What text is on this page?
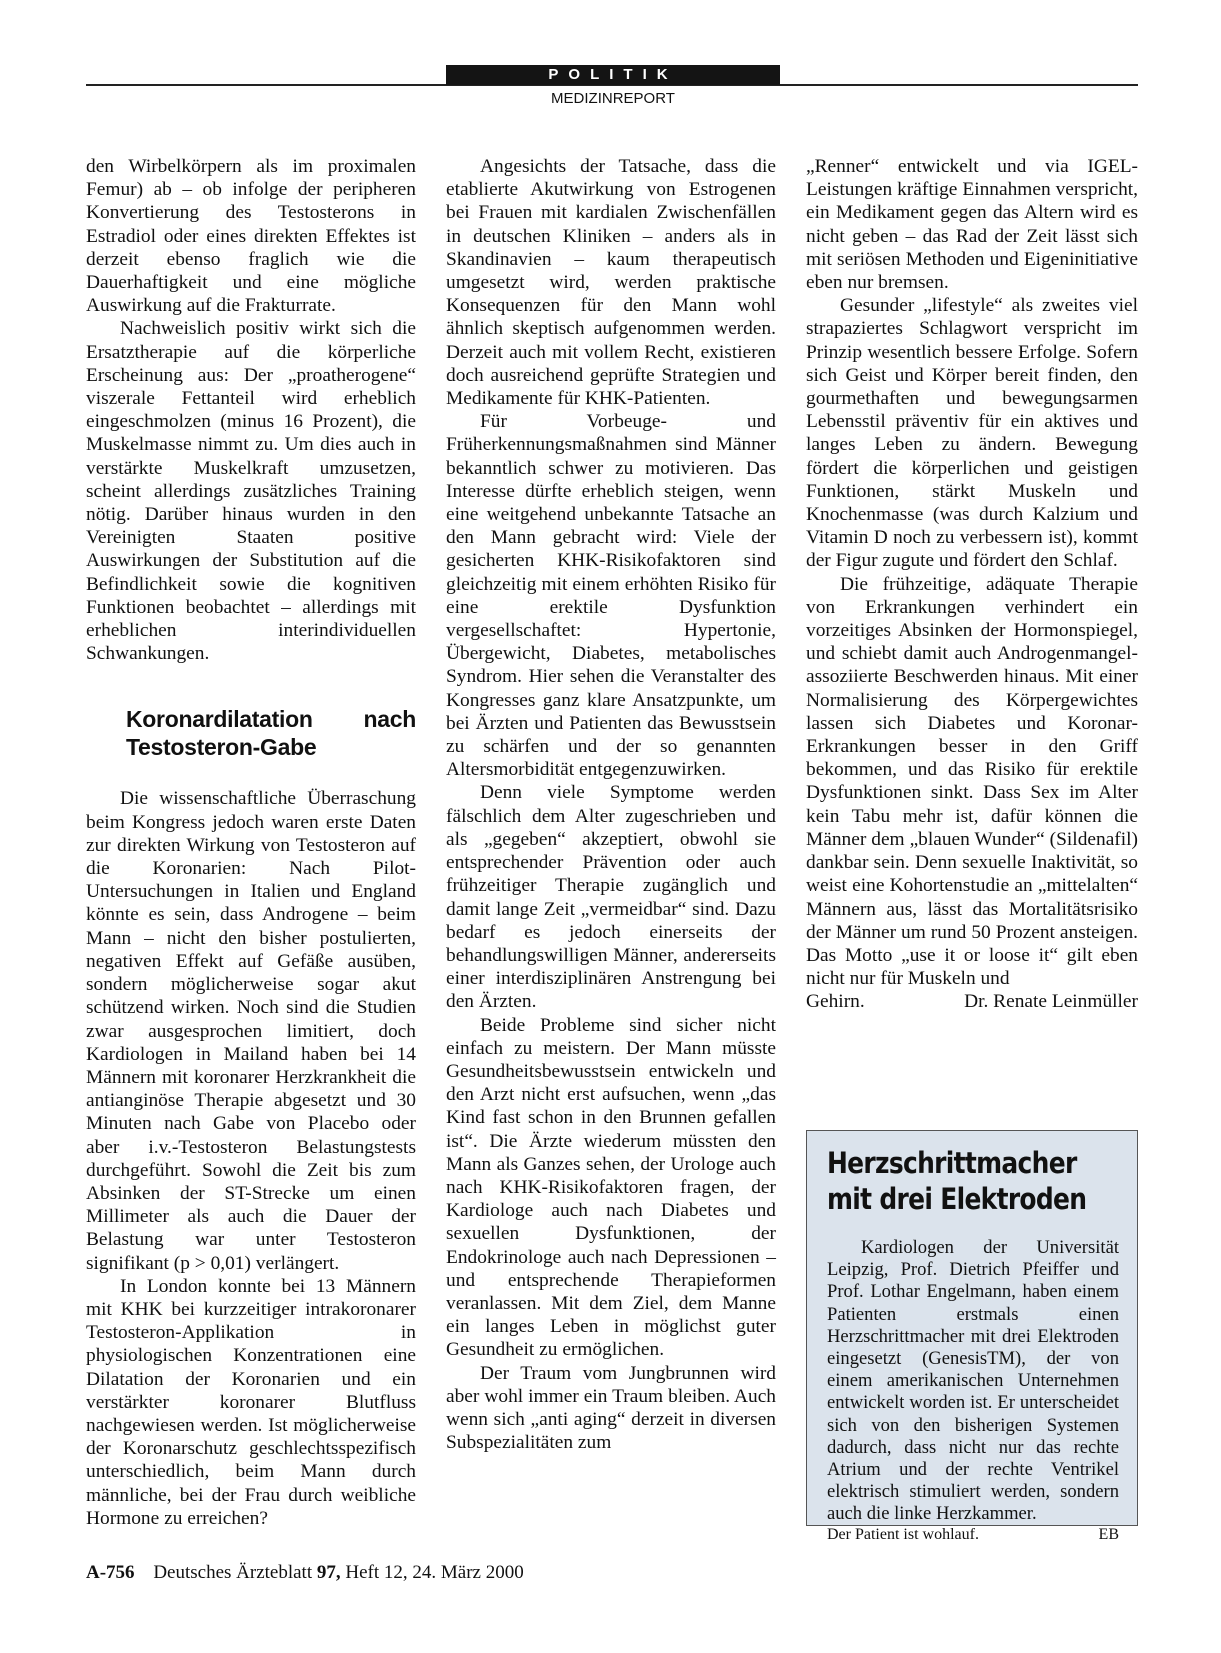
POLITIK
MEDIZINREPORT

den Wirbelkörpern als im proximalen Femur) ab – ob infolge der peripheren Konvertierung des Testosterons in Estradiol oder eines direkten Effektes ist derzeit ebenso fraglich wie die Dauerhaftigkeit und eine mögliche Auswirkung auf die Frakturrate.

Nachweislich positiv wirkt sich die Ersatztherapie auf die körperliche Erscheinung aus: Der „proatherogene“ viszerale Fettanteil wird erheblich eingeschmolzen (minus 16 Prozent), die Muskelmasse nimmt zu. Um dies auch in verstärkte Muskelkraft umzusetzen, scheint allerdings zusätzliches Training nötig. Darüber hinaus wurden in den Vereinigten Staaten positive Auswirkungen der Substitution auf die Befindlichkeit sowie die kognitiven Funktionen beobachtet – allerdings mit erheblichen interindividuellen Schwankungen.

Koronardilatation nach Testosteron-Gabe

Die wissenschaftliche Überraschung beim Kongress jedoch waren erste Daten zur direkten Wirkung von Testosteron auf die Koronarien: Nach Pilot-Untersuchungen in Italien und England könnte es sein, dass Androgene – beim Mann – nicht den bisher postulierten, negativen Effekt auf Gefäße ausüben, sondern möglicherweise sogar akut schützend wirken. Noch sind die Studien zwar ausgesprochen limitiert, doch Kardiologen in Mailand haben bei 14 Männern mit koronarer Herzkrankheit die antianginöse Therapie abgesetzt und 30 Minuten nach Gabe von Placebo oder aber i.v.-Testosteron Belastungstests durchgeführt. Sowohl die Zeit bis zum Absinken der ST-Strecke um einen Millimeter als auch die Dauer der Belastung war unter Testosteron signifikant (p > 0,01) verlängert.

In London konnte bei 13 Männern mit KHK bei kurzzeitiger intrakoronarer Testosteron-Applikation in physiologischen Konzentrationen eine Dilatation der Koronarien und ein verstärkter koronarer Blutfluss nachgewiesen werden. Ist möglicherweise der Koronarschutz geschlechtsspezifisch unterschiedlich, beim Mann durch männliche, bei der Frau durch weibliche Hormone zu erreichen?

Angesichts der Tatsache, dass die etablierte Akutwirkung von Estrogenen bei Frauen mit kardialen Zwischenfällen in deutschen Kliniken – anders als in Skandinavien – kaum therapeutisch umgesetzt wird, werden praktische Konsequenzen für den Mann wohl ähnlich skeptisch aufgenommen werden. Derzeit auch mit vollem Recht, existieren doch ausreichend geprüfte Strategien und Medikamente für KHK-Patienten.

Für Vorbeuge- und Früherkennungsmaßnahmen sind Männer bekanntlich schwer zu motivieren. Das Interesse dürfte erheblich steigen, wenn eine weitgehend unbekannte Tatsache an den Mann gebracht wird: Viele der gesicherten KHK-Risikofaktoren sind gleichzeitig mit einem erhöhten Risiko für eine erektile Dysfunktion vergesellschaftet: Hypertonie, Übergewicht, Diabetes, metabolisches Syndrom. Hier sehen die Veranstalter des Kongresses ganz klare Ansatzpunkte, um bei Ärzten und Patienten das Bewusstsein zu schärfen und der so genannten Altersmorbidität entgegenzuwirken.

Denn viele Symptome werden fälschlich dem Alter zugeschrieben und als „gegeben“ akzeptiert, obwohl sie entsprechender Prävention oder auch frühzeitiger Therapie zugänglich und damit lange Zeit „vermeidbar“ sind. Dazu bedarf es jedoch einerseits der behandlungswilligen Männer, andererseits einer interdisziplinären Anstrengung bei den Ärzten.

Beide Probleme sind sicher nicht einfach zu meistern. Der Mann müsste Gesundheitsbewusstsein entwickeln und den Arzt nicht erst aufsuchen, wenn „das Kind fast schon in den Brunnen gefallen ist“. Die Ärzte wiederum müssten den Mann als Ganzes sehen, der Urologe auch nach KHK-Risikofaktoren fragen, der Kardiologe auch nach Diabetes und sexuellen Dysfunktionen, der Endokrinologe auch nach Depressionen – und entsprechende Therapieformen veranlassen. Mit dem Ziel, dem Manne ein langes Leben in möglichst guter Gesundheit zu ermöglichen.

Der Traum vom Jungbrunnen wird aber wohl immer ein Traum bleiben. Auch wenn sich „anti aging“ derzeit in diversen Subspezialitäten zum

„Renner“ entwickelt und via IGEL-Leistungen kräftige Einnahmen verspricht, ein Medikament gegen das Altern wird es nicht geben – das Rad der Zeit lässt sich mit seriösen Methoden und Eigeninitiative eben nur bremsen.

Gesunder „lifestyle“ als zweites viel strapaziertes Schlagwort verspricht im Prinzip wesentlich bessere Erfolge. Sofern sich Geist und Körper bereit finden, den gourmethaften und bewegungsarmen Lebensstil präventiv für ein aktives und langes Leben zu ändern. Bewegung fördert die körperlichen und geistigen Funktionen, stärkt Muskeln und Knochenmasse (was durch Kalzium und Vitamin D noch zu verbessern ist), kommt der Figur zugute und fördert den Schlaf.

Die frühzeitige, adäquate Therapie von Erkrankungen verhindert ein vorzeitiges Absinken der Hormonspiegel, und schiebt damit auch Androgenmangel-assoziierte Beschwerden hinaus. Mit einer Normalisierung des Körpergewichtes lassen sich Diabetes und Koronar-Erkrankungen besser in den Griff bekommen, und das Risiko für erektile Dysfunktionen sinkt. Dass Sex im Alter kein Tabu mehr ist, dafür können die Männer dem „blauen Wunder“ (Sildenafil) dankbar sein. Denn sexuelle Inaktivität, so weist eine Kohortenstudie an „mittelalten“ Männern aus, lässt das Mortalitätsrisiko der Männer um rund 50 Prozent ansteigen. Das Motto „use it or loose it“ gilt eben nicht nur für Muskeln und

Gehirn.	Dr. Renate Leinmüller
Herzschrittmacher
mit drei Elektroden

Kardiologen der Universität Leipzig, Prof. Dietrich Pfeiffer und Prof. Lothar Engelmann, haben einem Patienten erstmals einen Herzschrittmacher mit drei Elektroden eingesetzt (GenesisTM), der von einem amerikanischen Unternehmen entwickelt worden ist. Er unterscheidet sich von den bisherigen Systemen dadurch, dass nicht nur das rechte Atrium und der rechte Ventrikel elektrisch stimuliert werden, sondern auch die linke Herzkammer.

Der Patient ist wohlauf.	EB
A-756 Deutsches Ärzteblatt 97, Heft 12, 24. März 2000
